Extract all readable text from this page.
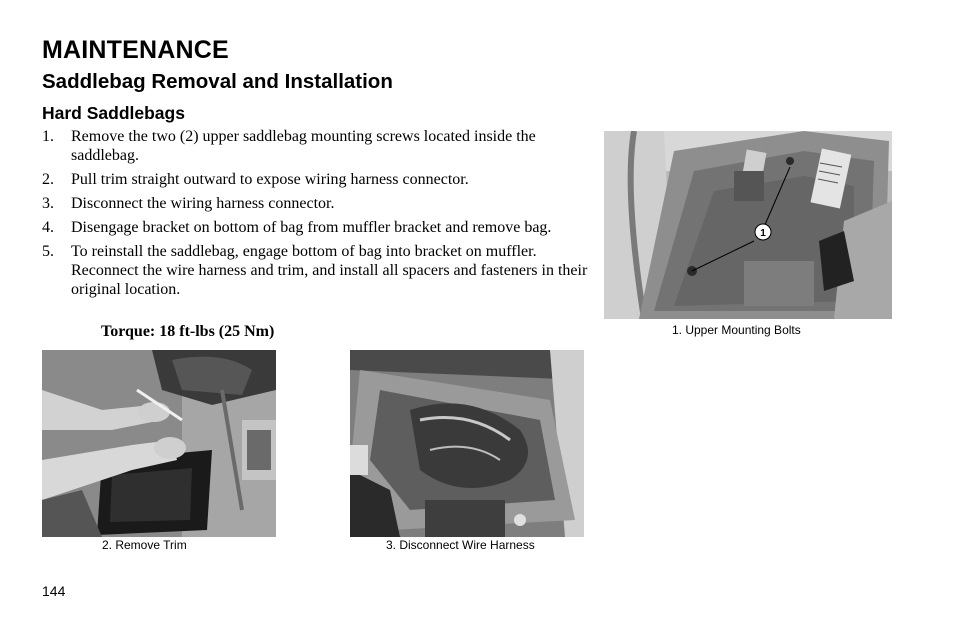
MAINTENANCE
Saddlebag Removal and Installation
Hard Saddlebags
1.	Remove the two (2) upper saddlebag mounting screws located inside the saddlebag.
2.	Pull trim straight outward to expose wiring harness connector.
3.	Disconnect the wiring harness connector.
4.	Disengage bracket on bottom of bag from muffler bracket and remove bag.
5.	To reinstall the saddlebag, engage bottom of bag into bracket on muffler. Reconnect the wire harness and trim, and install all spacers and fasteners in their original location.
Torque: 18 ft-lbs (25 Nm)
1
1. Upper Mounting Bolts
2. Remove Trim	3. Disconnect Wire Harness
144
